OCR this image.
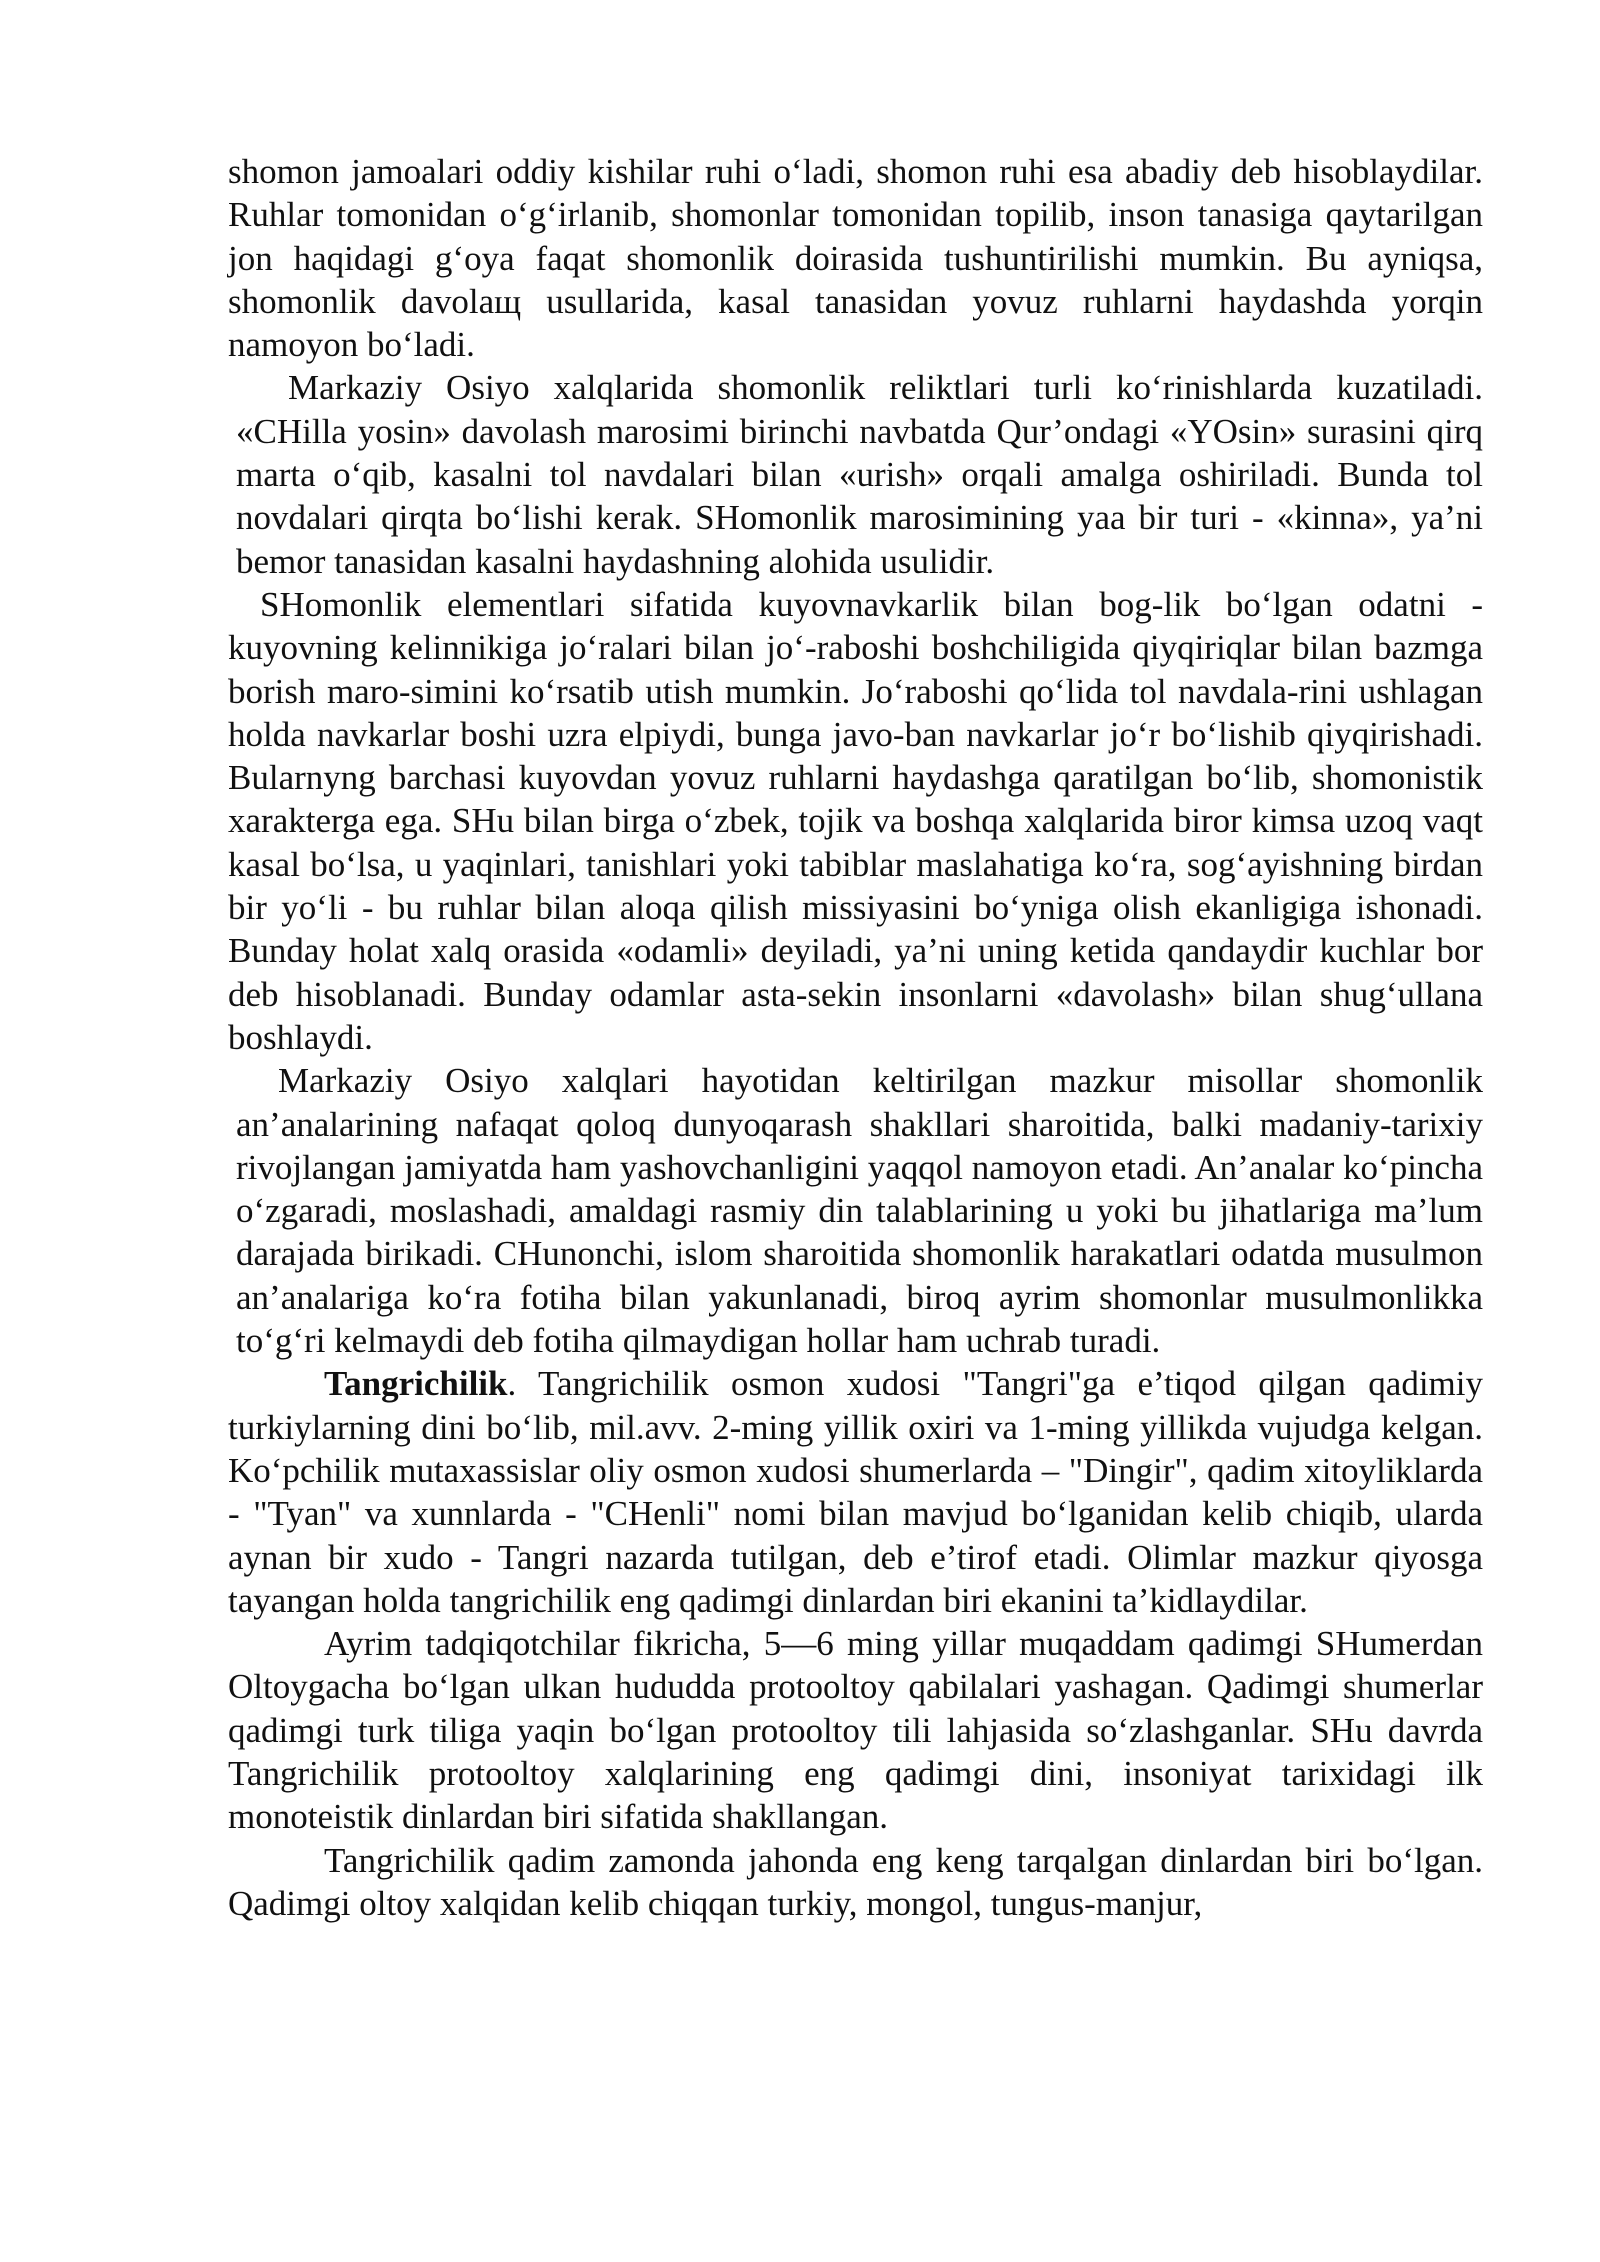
shomon jamoalari oddiy kishilar ruhi o‘ladi, shomon ruhi esa abadiy deb hisoblaydilar. Ruhlar tomonidan o‘g‘irlanib, shomonlar tomonidan topilib, inson tanasiga qaytarilgan jon haqidagi g‘oya faqat shomonlik doirasida tushuntirilishi mumkin. Bu ayniqsa, shomonlik davolaщ usullarida, kasal tanasidan yovuz ruhlarni haydashda yorqin namoyon bo‘ladi.

Markaziy Osiyo xalqlarida shomonlik reliktlari turli ko‘rinishlarda kuzatiladi. «CHilla yosin» davolash marosimi birinchi navbatda Qur’ondagi «YOsin» surasini qirq marta o‘qib, kasalni tol navdalari bilan «urish» orqali amalga oshiriladi. Bunda tol novdalari qirqta bo‘lishi kerak. SHomonlik marosimining yaa bir turi - «kinna», ya’ni bemor tanasidan kasalni haydashning alohida usulidir.

SHomonlik elementlari sifatida kuyovnavkarlik bilan bog-lik bo‘lgan odatni - kuyovning kelinnikiga jo‘ralari bilan jo‘-raboshi boshchiligida qiyqiriqlar bilan bazmga borish maro-simini ko‘rsatib utish mumkin. Jo‘raboshi qo‘lida tol navdala-rini ushlagan holda navkarlar boshi uzra elpiydi, bunga javo-ban navkarlar jo‘r bo‘lishib qiyqirishadi. Bularnyng barchasi kuyovdan yovuz ruhlarni haydashga qaratilgan bo‘lib, shomonistik xarakterga ega. SHu bilan birga o‘zbek, tojik va boshqa xalqlarida biror kimsa uzoq vaqt kasal bo‘lsa, u yaqinlari, tanishlari yoki tabiblar maslahatiga ko‘ra, sog‘ayishning birdan bir yo‘li - bu ruhlar bilan aloqa qilish missiyasini bo‘yniga olish ekanligiga ishonadi. Bunday holat xalq orasida «odamli» deyiladi, ya’ni uning ketida qandaydir kuchlar bor deb hisoblanadi. Bunday odamlar asta-sekin insonlarni «davolash» bilan shug‘ullana boshlaydi.

Markaziy Osiyo xalqlari hayotidan keltirilgan mazkur misollar shomonlik an’analarining nafaqat qoloq dunyoqarash shakllari sharoitida, balki madaniy-tarixiy rivojlangan jamiyatda ham yashovchanligini yaqqol namoyon etadi. An’analar ko‘pincha o‘zgaradi, moslashadi, amaldagi rasmiy din talablarining u yoki bu jihatlariga ma’lum darajada birikadi. CHunonchi, islom sharoitida shomonlik harakatlari odatda musulmon an’analariga ko‘ra fotiha bilan yakunlanadi, biroq ayrim shomonlar musulmonlikka to‘g‘ri kelmaydi deb fotiha qilmaydigan hollar ham uchrab turadi.

Tangrichilik. Tangrichilik osmon xudosi "Tangri"ga e’tiqod qilgan qadimiy turkiylarning dini bo‘lib, mil.avv. 2-ming yillik oxiri va 1-ming yillikda vujudga kelgan. Ko‘pchilik mutaxassislar oliy osmon xudosi shumerlarda – "Dingir", qadim xitoyliklarda - "Tyan" va xunnlarda - "CHenli" nomi bilan mavjud bo‘lganidan kelib chiqib, ularda aynan bir xudo - Tangri nazarda tutilgan, deb e’tirof etadi. Olimlar mazkur qiyosga tayangan holda tangrichilik eng qadimgi dinlardan biri ekanini ta’kidlaydilar.

Ayrim tadqiqotchilar fikricha, 5—6 ming yillar muqaddam qadimgi SHumerdan Oltoygacha bo‘lgan ulkan hududda protooltoy qabilalari yashagan. Qadimgi shumerlar qadimgi turk tiliga yaqin bo‘lgan protooltoy tili lahjasida so‘zlashganlar. SHu davrda Tangrichilik protooltoy xalqlarining eng qadimgi dini, insoniyat tarixidagi ilk monoteistik dinlardan biri sifatida shakllangan.

Tangrichilik qadim zamonda jahonda eng keng tarqalgan dinlardan biri bo‘lgan. Qadimgi oltoy xalqidan kelib chiqqan turkiy, mongol, tungus-manjur,
